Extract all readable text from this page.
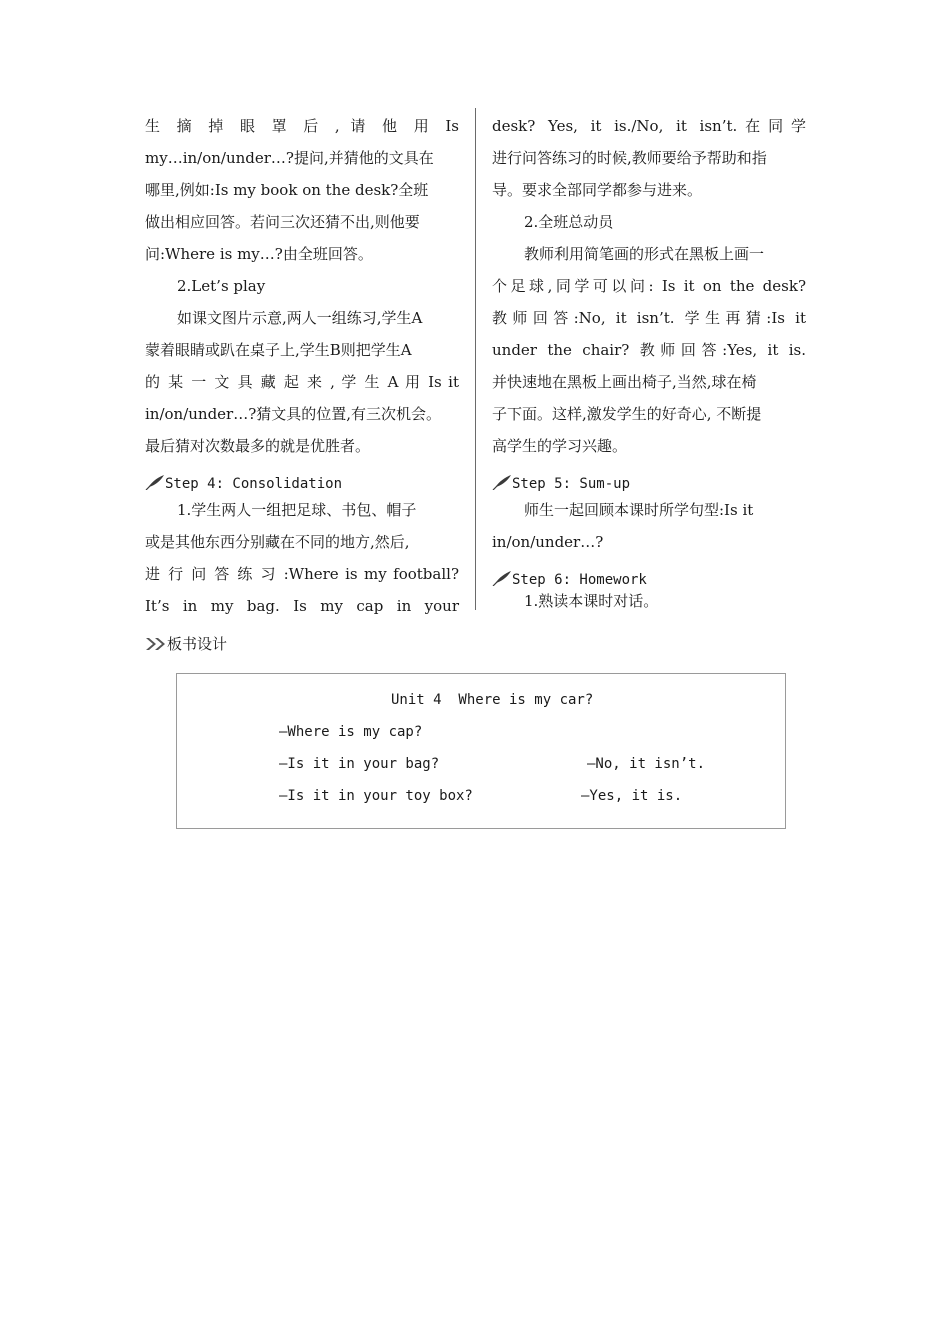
生 摘 掉 眼 罩 后 , 请 他 用 Is

my…in/on/under…?提问,并猜他的文具在

哪里,例如:Is my book on the desk?全班

做出相应回答。若问三次还猜不出,则他要

问:Where is my…?由全班回答。

2.Let’s play

如课文图片示意,两人一组练习,学生A

蒙着眼睛或趴在桌子上,学生B则把学生A

的 某 一 文 具 藏 起 来 , 学 生 A 用 Is it

in/on/under…?猜文具的位置,有三次机会。

最后猜对次数最多的就是优胜者。

Step 4: Consolidation

1.学生两人一组把足球、书包、帽子

或是其他东西分别藏在不同的地方,然后,

进 行 问 答 练 习 :Where is my football?

It’s in my bag. Is my cap in your

desk? Yes, it is./No, it isn’t.在同学

进行问答练习的时候,教师要给予帮助和指

导。要求全部同学都参与进来。

2.全班总动员

教师利用简笔画的形式在黑板上画一

个足球,同学可以问: Is it on the desk?

教师回答:No, it isn’t. 学生再猜:Is it

under the chair? 教师回答:Yes, it is.

并快速地在黑板上画出椅子,当然,球在椅

子下面。这样,激发学生的好奇心, 不断提

高学生的学习兴趣。

Step 5: Sum-up

师生一起回顾本课时所学句型:Is it

in/on/under…?

Step 6: Homework

1.熟读本课时对话。

板书设计
Unit 4  Where is my car?
—Where is my cap?
—Is it in your bag?	—No, it isn’t.
—Is it in your toy box?	—Yes, it is.
